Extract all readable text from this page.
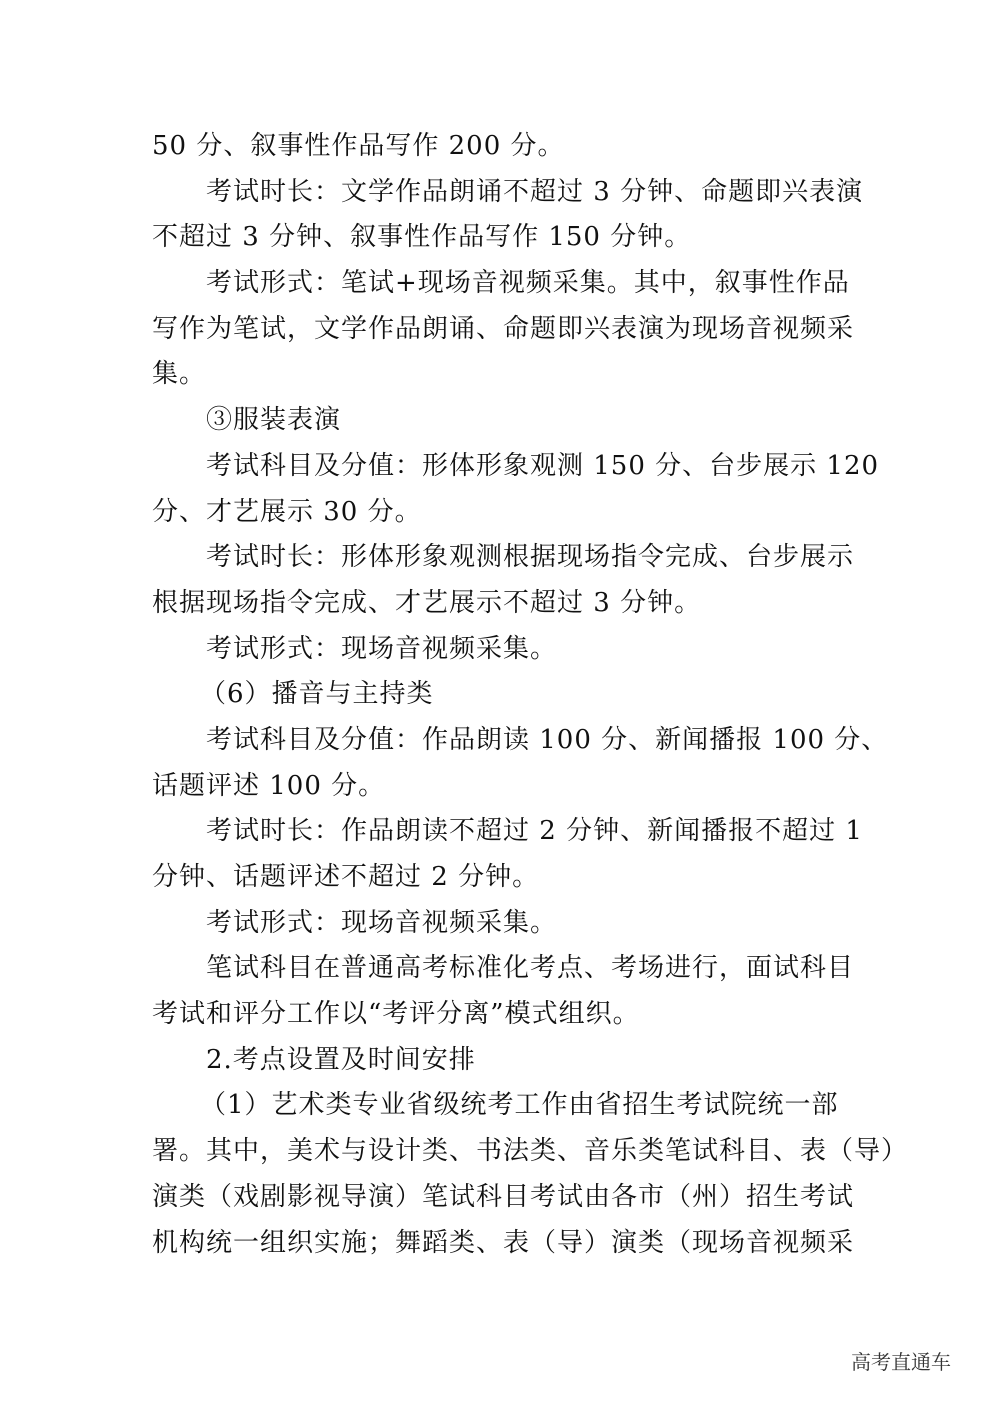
50 分、叙事性作品写作 200 分。
考试时长：文学作品朗诵不超过 3 分钟、命题即兴表演
不超过 3 分钟、叙事性作品写作 150 分钟。
考试形式：笔试+现场音视频采集。其中，叙事性作品
写作为笔试，文学作品朗诵、命题即兴表演为现场音视频采
集。
③服装表演
考试科目及分值：形体形象观测 150 分、台步展示 120
分、才艺展示 30 分。
考试时长：形体形象观测根据现场指令完成、台步展示
根据现场指令完成、才艺展示不超过 3 分钟。
考试形式：现场音视频采集。
（6）播音与主持类
考试科目及分值：作品朗读 100 分、新闻播报 100 分、
话题评述 100 分。
考试时长：作品朗读不超过 2 分钟、新闻播报不超过 1
分钟、话题评述不超过 2 分钟。
考试形式：现场音视频采集。
笔试科目在普通高考标准化考点、考场进行，面试科目
考试和评分工作以“考评分离”模式组织。
2.考点设置及时间安排
（1）艺术类专业省级统考工作由省招生考试院统一部
署。其中，美术与设计类、书法类、音乐类笔试科目、表（导）
演类（戏剧影视导演）笔试科目考试由各市（州）招生考试
机构统一组织实施；舞蹈类、表（导）演类（现场音视频采
高考直通车
